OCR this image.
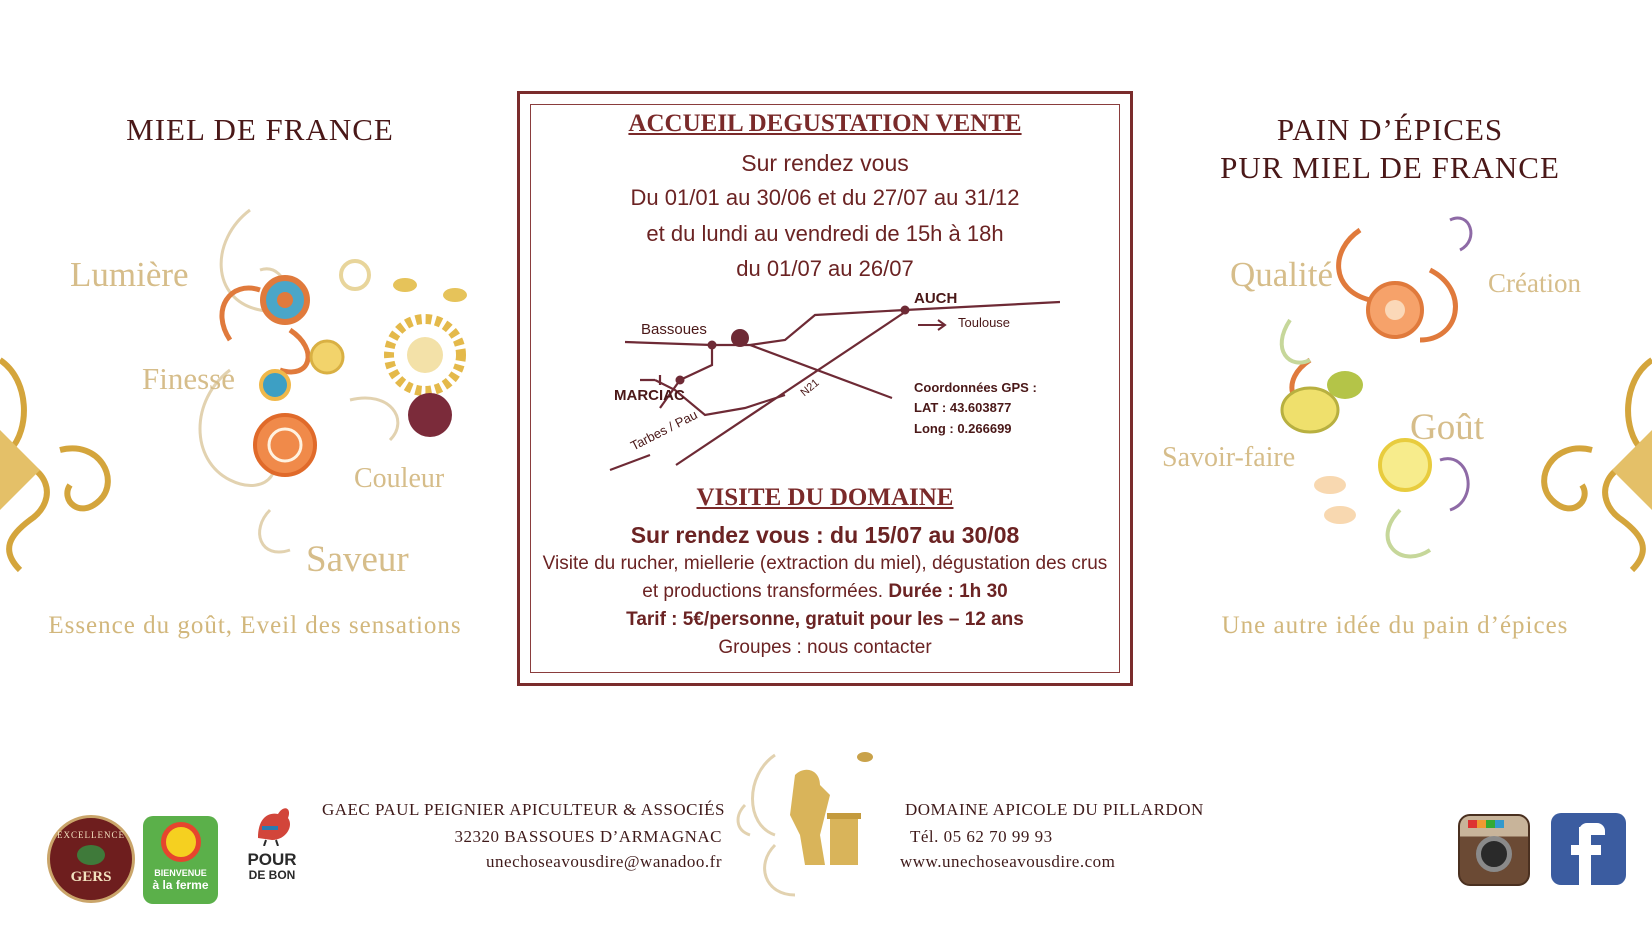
MIEL DE FRANCE
Lumière
Finesse
Couleur
Saveur
Essence du goût, Eveil des sensations
ACCUEIL DEGUSTATION VENTE
Sur rendez vous
Du 01/01 au 30/06 et du 27/07 au 31/12
et du lundi au vendredi de 15h à 18h
du 01/07 au 26/07
AUCH
Toulouse
Bassoues
MARCIAC
Tarbes / Pau
N21	Coordonnées GPS :
LAT : 43.603877
Long : 0.266699
VISITE DU DOMAINE
Sur rendez vous : du 15/07 au 30/08
Visite du rucher, miellerie (extraction du miel), dégustation des crus
et productions transformées. Durée : 1h 30
Tarif : 5€/personne, gratuit pour les – 12 ans
Groupes : nous contacter
PAIN D’ÉPICES
PUR MIEL DE FRANCE
Qualité	Création
Goût
Savoir-faire
Une autre idée du pain d’épices
EXCELLENCE
GERS	BIENVENUE
à la ferme
POUR
DE BON
GAEC PAUL PEIGNIER APICULTEUR & ASSOCIÉS
32320 BASSOUES D’ARMAGNAC
unechoseavousdire@wanadoo.fr
DOMAINE APICOLE DU PILLARDON
Tél. 05 62 70 99 93
www.unechoseavousdire.com
